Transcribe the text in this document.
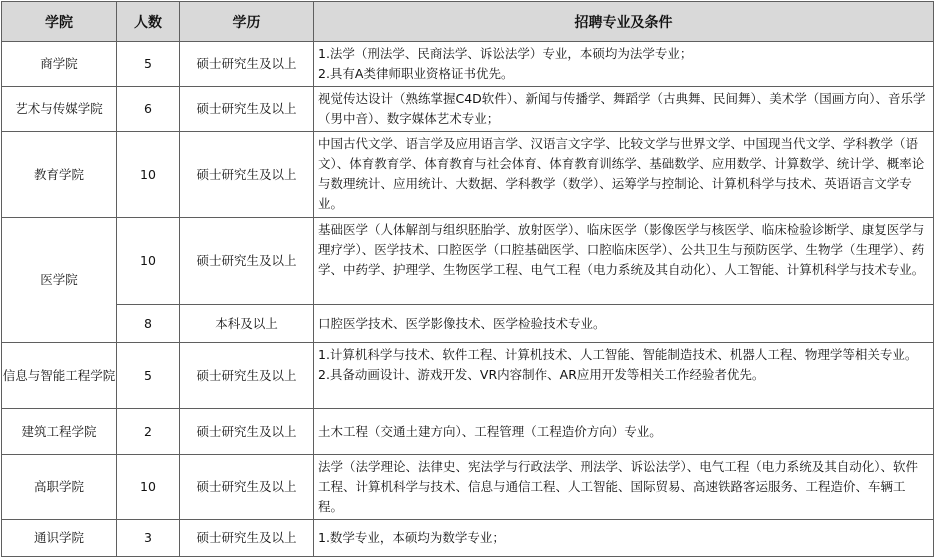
学院	人数	学历	招聘专业及条件
商学院	5	硕士研究生及以上	1.法学（刑法学、民商法学、诉讼法学）专业，本硕均为法学专业；
2.具有A类律师职业资格证书优先。

艺术与传媒学院	6	硕士研究生及以上	视觉传达设计（熟练掌握C4D软件）、新闻与传播学、舞蹈学（古典舞、民间舞）、美术学（国画方向）、音乐学（男中音）、数字媒体艺术专业；

教育学院	10	硕士研究生及以上	中国古代文学、语言学及应用语言学、汉语言文字学、比较文学与世界文学、中国现当代文学、学科教学（语文）、体育教育学、体育教育与社会体育、体育教育训练学、基础数学、应用数学、计算数学、统计学、概率论与数理统计、应用统计、大数据、学科教学（数学）、运筹学与控制论、计算机科学与技术、英语语言文学专业。

医学院	10	硕士研究生及以上	基础医学（人体解剖与组织胚胎学、放射医学）、临床医学（影像医学与核医学、临床检验诊断学、康复医学与理疗学）、医学技术、口腔医学（口腔基础医学、口腔临床医学）、公共卫生与预防医学、生物学（生理学）、药学、中药学、护理学、生物医学工程、电气工程（电力系统及其自动化）、人工智能、计算机科学与技术专业。

	8	本科及以上	口腔医学技术、医学影像技术、医学检验技术专业。

信息与智能工程学院	5	硕士研究生及以上	1.计算机科学与技术、软件工程、计算机技术、人工智能、智能制造技术、机器人工程、物理学等相关专业。
2.具备动画设计、游戏开发、VR内容制作、AR应用开发等相关工作经验者优先。

建筑工程学院	2	硕士研究生及以上	土木工程（交通土建方向）、工程管理（工程造价方向）专业。

高职学院	10	硕士研究生及以上	法学（法学理论、法律史、宪法学与行政法学、刑法学、诉讼法学）、电气工程（电力系统及其自动化）、软件工程、计算机科学与技术、信息与通信工程、人工智能、国际贸易、高速铁路客运服务、工程造价、车辆工程。

通识学院	3	硕士研究生及以上	1.数学专业，本硕均为数学专业；
